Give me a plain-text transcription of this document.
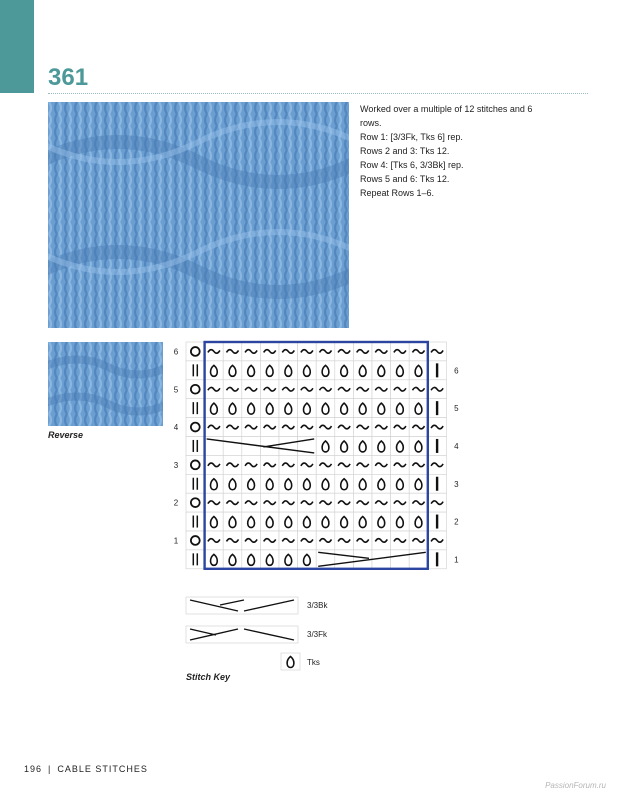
361
Reverse

Worked over a multiple of 12 stitches and 6 rows.

Row 1: [3/3Fk, Tks 6] rep.

Rows 2 and 3: Tks 12.

Row 4: [Tks 6, 3/3Bk] rep.

Rows 5 and 6: Tks 12.

Repeat Rows 1–6.

6
6
5
5
4
4
3
3
2
2
1
1
3/3Bk
3/3Fk
Tks
Stitch Key
196 | CABLE STITCHES
PassionForum.ru
